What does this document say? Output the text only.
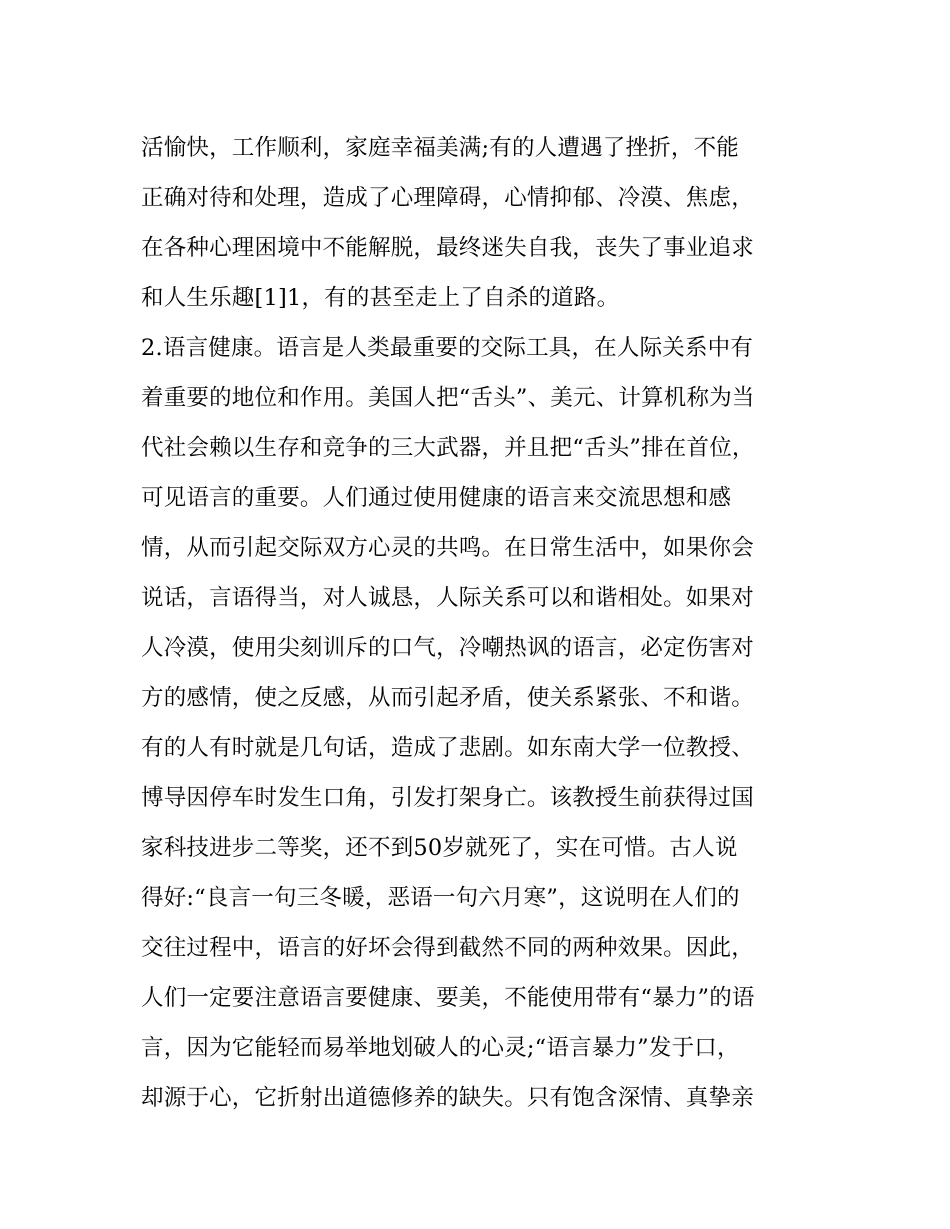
活愉快，工作顺利，家庭幸福美满;有的人遭遇了挫折，不能
正确对待和处理，造成了心理障碍，心情抑郁、冷漠、焦虑，
在各种心理困境中不能解脱，最终迷失自我，丧失了事业追求
和人生乐趣[1]1，有的甚至走上了自杀的道路。
2.语言健康。语言是人类最重要的交际工具，在人际关系中有
着重要的地位和作用。美国人把“舌头”、美元、计算机称为当
代社会赖以生存和竞争的三大武器，并且把“舌头”排在首位，
可见语言的重要。人们通过使用健康的语言来交流思想和感
情，从而引起交际双方心灵的共鸣。在日常生活中，如果你会
说话，言语得当，对人诚恳，人际关系可以和谐相处。如果对
人冷漠，使用尖刻训斥的口气，冷嘲热讽的语言，必定伤害对
方的感情，使之反感，从而引起矛盾，使关系紧张、不和谐。
有的人有时就是几句话，造成了悲剧。如东南大学一位教授、
博导因停车时发生口角，引发打架身亡。该教授生前获得过国
家科技进步二等奖，还不到50岁就死了，实在可惜。古人说
得好:“良言一句三冬暖，恶语一句六月寒”，这说明在人们的
交往过程中，语言的好坏会得到截然不同的两种效果。因此，
人们一定要注意语言要健康、要美，不能使用带有“暴力”的语
言，因为它能轻而易举地划破人的心灵;“语言暴力”发于口，
却源于心，它折射出道德修养的缺失。只有饱含深情、真挚亲
